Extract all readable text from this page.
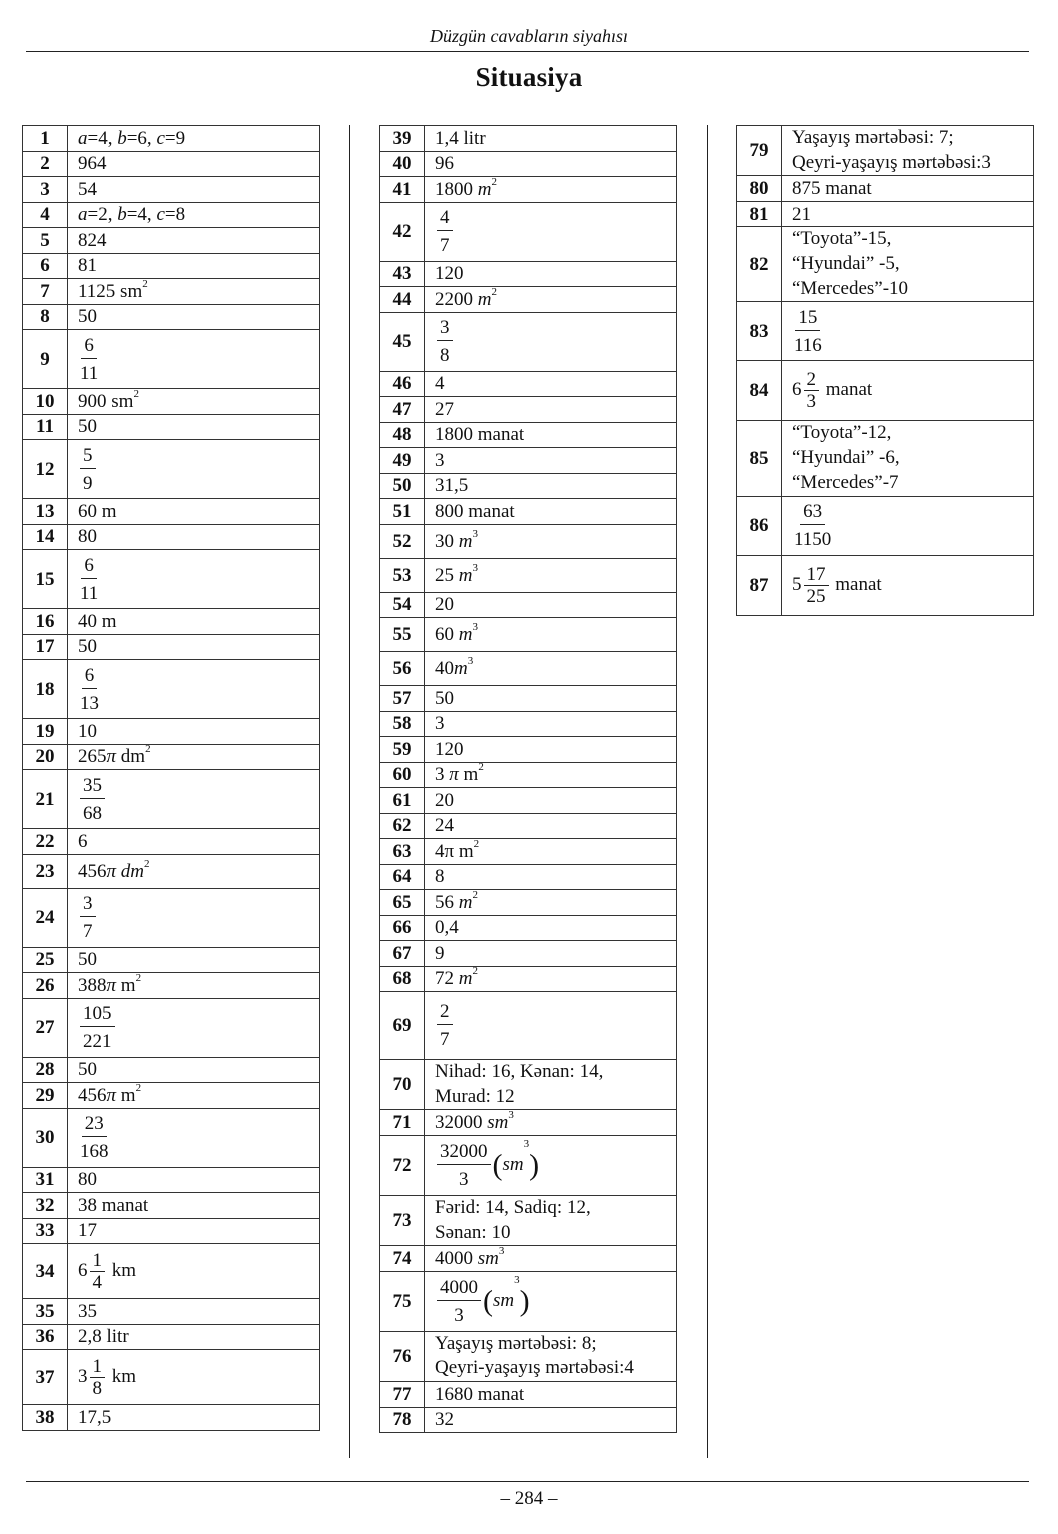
Düzgün cavabların siyahısı
Situasiya
1	a=4, b=6, c=9
2	964
3	54
4	a=2, b=4, c=8
5	824
6	81
7	1125 $sm^2$
8	50
9	$\frac{6}{11}$

10	900 $sm^2$
11	50
12	$\frac{5}{9}$

13	60 m
14	80
15	$\frac{6}{11}$

16	40 m
17	50
18	$\frac{6}{13}$

19	10
20	265π $dm^2$
21	$\frac{35}{68}$

22	6
23	456π $dm^2$
24	$\frac{3}{7}$

25	50
26	388π $m^2$
27	$\frac{105}{221}$

28	50
29	456π $m^2$
30	$\frac{23}{168}$

31	80
32	38 manat
33	17
34	$6 \frac{1}{4}$ km
35	35
36	2,8 litr
37	$3 \frac{1}{8}$ km
38	17,5
39	1,4 litr
40	96
41	1800 $m^2$
42	$\frac{4}{7}$

43	120
44	2200 $m^2$
45	$\frac{3}{8}$

46	4
47	27
48	1800 manat
49	3
50	31,5
51	800 manat
52	30 $m^3$
53	25 $m^3$
54	20
55	60 $m^3$
56	$40m^3$
57	50
58	3
59	120
60	3 π $m^2$
61	20
62	24
63	4π $m^2$
64	8
65	56 $m^2$
66	0,4
67	9
68	72 $m^2$
69	$\frac{2}{7}$

70	Nihad: 16, Kənan: 14,
Murad: 12

71	32000 $sm^3$
72	$\frac{32000}{3} (sm^3)$
73	Fərid: 14, Sadiq: 12,
Sənan: 10

74	4000 $sm^3$
75	$\frac{4000}{3} (sm^3)$
76	Yaşayış mərtəbəsi: 8;
Qeyri-yaşayış mərtəbəsi:4

77	1680 manat
78	32
79	Yaşayış mərtəbəsi: 7;
Qeyri-yaşayış mərtəbəsi:3

80	875 manat
81	21
82	“Toyota”-15,
“Hyundai” -5,
“Mercedes”-10

83	$\frac{15}{116}$

84	$6 \frac{2}{3}$ manat
85	“Toyota”-12,
“Hyundai” -6,
“Mercedes”-7

86	$\frac{63}{1150}$

87	$5 \frac{17}{25}$ manat
– 284 –
